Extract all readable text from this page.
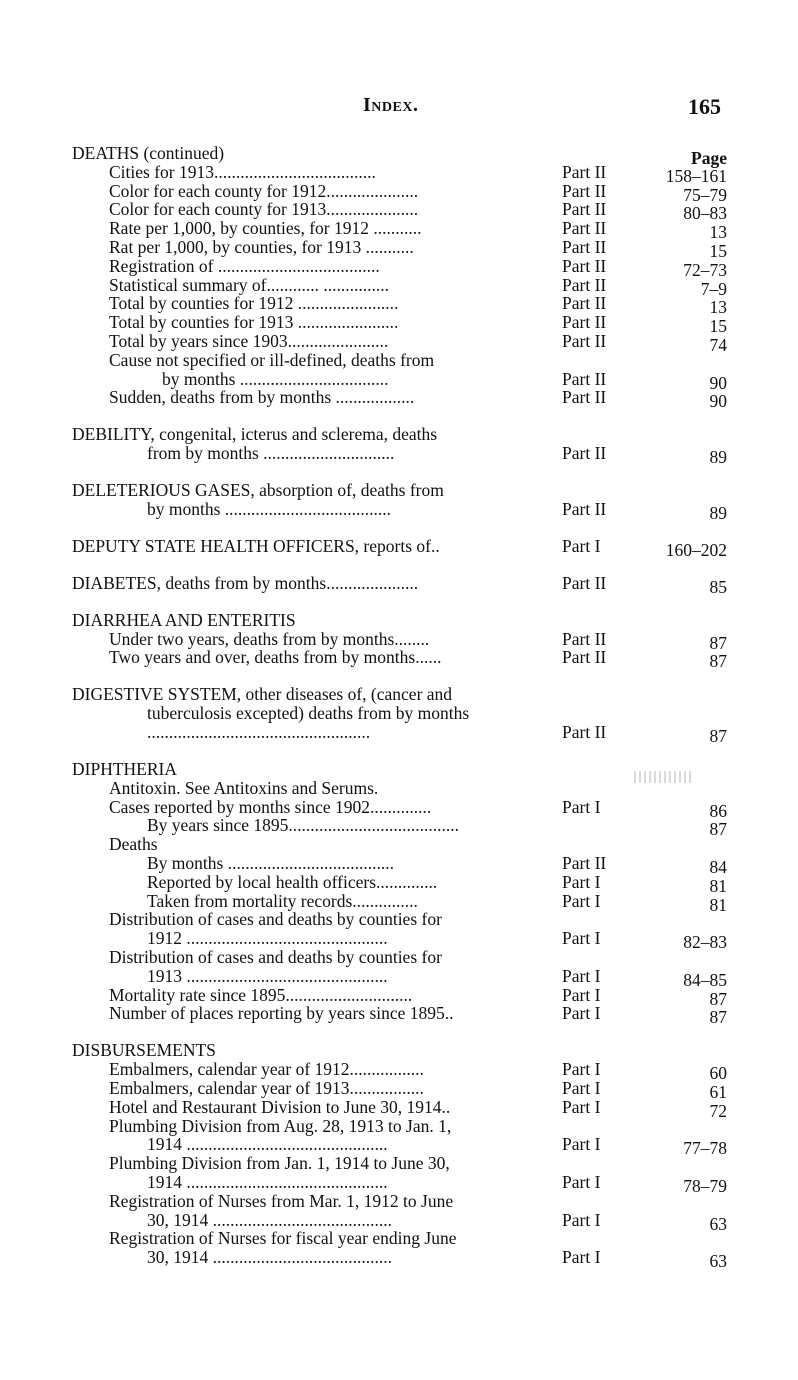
Index.	165
Page
DEATHS (continued)
Cities for 1913.....................................	Part II	158–161
Color for each county for 1912.....................	Part II	75–79
Color for each county for 1913.....................	Part II	80–83
Rate per 1,000, by counties, for 1912 ...........	Part II	13
Rat per 1,000, by counties, for 1913 ...........	Part II	15
Registration of .....................................	Part II	72–73
Statistical summary of............ ...............	Part II	7–9
Total by counties for 1912 .......................	Part II	13
Total by counties for 1913 .......................	Part II	15
Total by years since 1903.......................	Part II	74
Cause not specified or ill-defined, deaths from
by months ..................................	Part II	90
Sudden, deaths from by months ..................	Part II	90
DEBILITY, congenital, icterus and sclerema, deaths
from by months ..............................	Part II	89
DELETERIOUS GASES, absorption of, deaths from
by months ......................................	Part II	89
DEPUTY STATE HEALTH OFFICERS, reports of..	Part I	160–202
DIABETES, deaths from by months.....................	Part II	85
DIARRHEA AND ENTERITIS
Under two years, deaths from by months........	Part II	87
Two years and over, deaths from by months......	Part II	87
DIGESTIVE SYSTEM, other diseases of, (cancer and
tuberculosis excepted) deaths from by months
...................................................	Part II	87
DIPHTHERIA
Antitoxin. See Antitoxins and Serums.
Cases reported by months since 1902..............	Part I	86
By years since 1895.......................................	87
Deaths
By months ......................................	Part II	84
Reported by local health officers..............	Part I	81
Taken from mortality records...............	Part I	81
Distribution of cases and deaths by counties for
1912 ..............................................	Part I	82–83
Distribution of cases and deaths by counties for
1913 ..............................................	Part I	84–85
Mortality rate since 1895.............................	Part I	87
Number of places reporting by years since 1895..	Part I	87
DISBURSEMENTS
Embalmers, calendar year of 1912.................	Part I	60
Embalmers, calendar year of 1913.................	Part I	61
Hotel and Restaurant Division to June 30, 1914..	Part I	72
Plumbing Division from Aug. 28, 1913 to Jan. 1,
1914 ..............................................	Part I	77–78
Plumbing Division from Jan. 1, 1914 to June 30,
1914 ..............................................	Part I	78–79
Registration of Nurses from Mar. 1, 1912 to June
30, 1914 .........................................	Part I	63
Registration of Nurses for fiscal year ending June
30, 1914 .........................................	Part I	63
